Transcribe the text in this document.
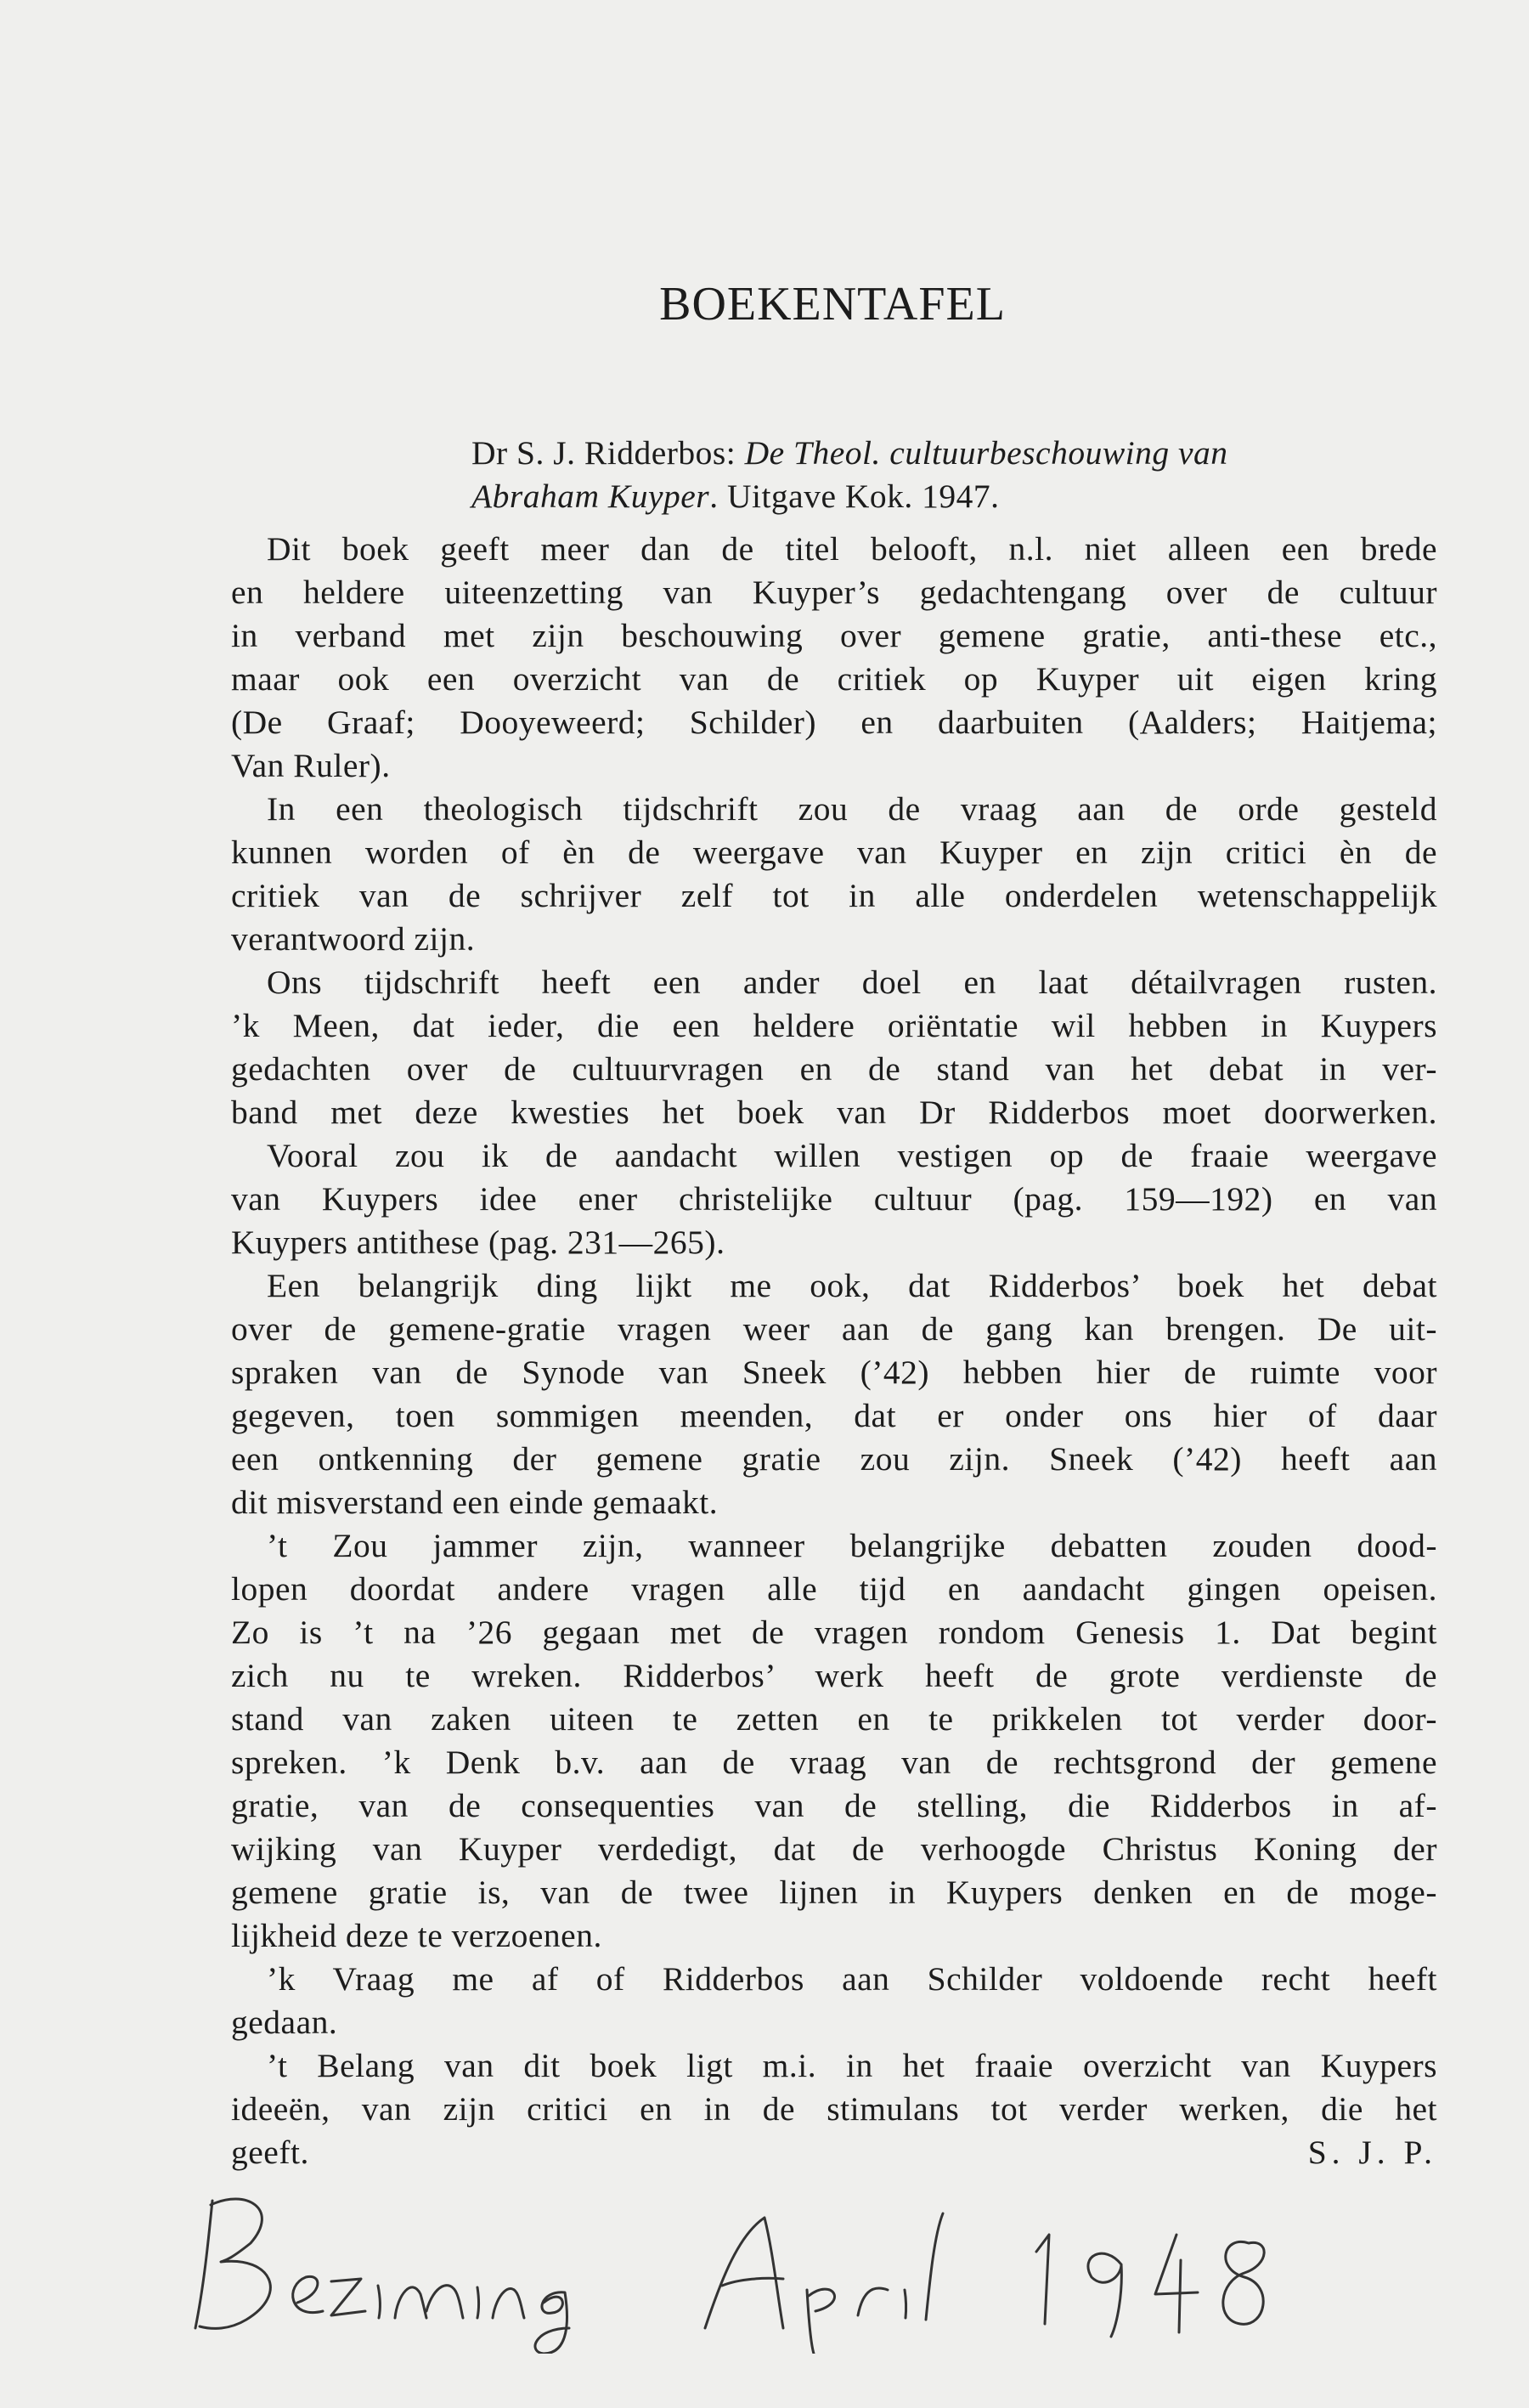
BOEKENTAFEL
Dr S. J. Ridderbos: De Theol. cultuurbeschouwing van
Abraham Kuyper. Uitgave Kok. 1947.
Dit boek geeft meer dan de titel belooft, n.l. niet alleen een brede
en heldere uiteenzetting van Kuyper’s gedachtengang over de cultuur
in verband met zijn beschouwing over gemene gratie, anti-these etc.,
maar ook een overzicht van de critiek op Kuyper uit eigen kring
(De Graaf; Dooyeweerd; Schilder) en daarbuiten (Aalders; Haitjema;
Van Ruler).
In een theologisch tijdschrift zou de vraag aan de orde gesteld
kunnen worden of èn de weergave van Kuyper en zijn critici èn de
critiek van de schrijver zelf tot in alle onderdelen wetenschappelijk
verantwoord zijn.
Ons tijdschrift heeft een ander doel en laat détailvragen rusten.
’k Meen, dat ieder, die een heldere oriëntatie wil hebben in Kuypers
gedachten over de cultuurvragen en de stand van het debat in ver-
band met deze kwesties het boek van Dr Ridderbos moet doorwerken.
Vooral zou ik de aandacht willen vestigen op de fraaie weergave
van Kuypers idee ener christelijke cultuur (pag. 159—192) en van
Kuypers antithese (pag. 231—265).
Een belangrijk ding lijkt me ook, dat Ridderbos’ boek het debat
over de gemene-gratie vragen weer aan de gang kan brengen. De uit-
spraken van de Synode van Sneek (’42) hebben hier de ruimte voor
gegeven, toen sommigen meenden, dat er onder ons hier of daar
een ontkenning der gemene gratie zou zijn. Sneek (’42) heeft aan
dit misverstand een einde gemaakt.
’t Zou jammer zijn, wanneer belangrijke debatten zouden dood-
lopen doordat andere vragen alle tijd en aandacht gingen opeisen.
Zo is ’t na ’26 gegaan met de vragen rondom Genesis 1. Dat begint
zich nu te wreken. Ridderbos’ werk heeft de grote verdienste de
stand van zaken uiteen te zetten en te prikkelen tot verder door-
spreken. ’k Denk b.v. aan de vraag van de rechtsgrond der gemene
gratie, van de consequenties van de stelling, die Ridderbos in af-
wijking van Kuyper verdedigt, dat de verhoogde Christus Koning der
gemene gratie is, van de twee lijnen in Kuypers denken en de moge-
lijkheid deze te verzoenen.
’k Vraag me af of Ridderbos aan Schilder voldoende recht heeft
gedaan.
’t Belang van dit boek ligt m.i. in het fraaie overzicht van Kuypers
ideeën, van zijn critici en in de stimulans tot verder werken, die het
geeft.	S. J. P.
